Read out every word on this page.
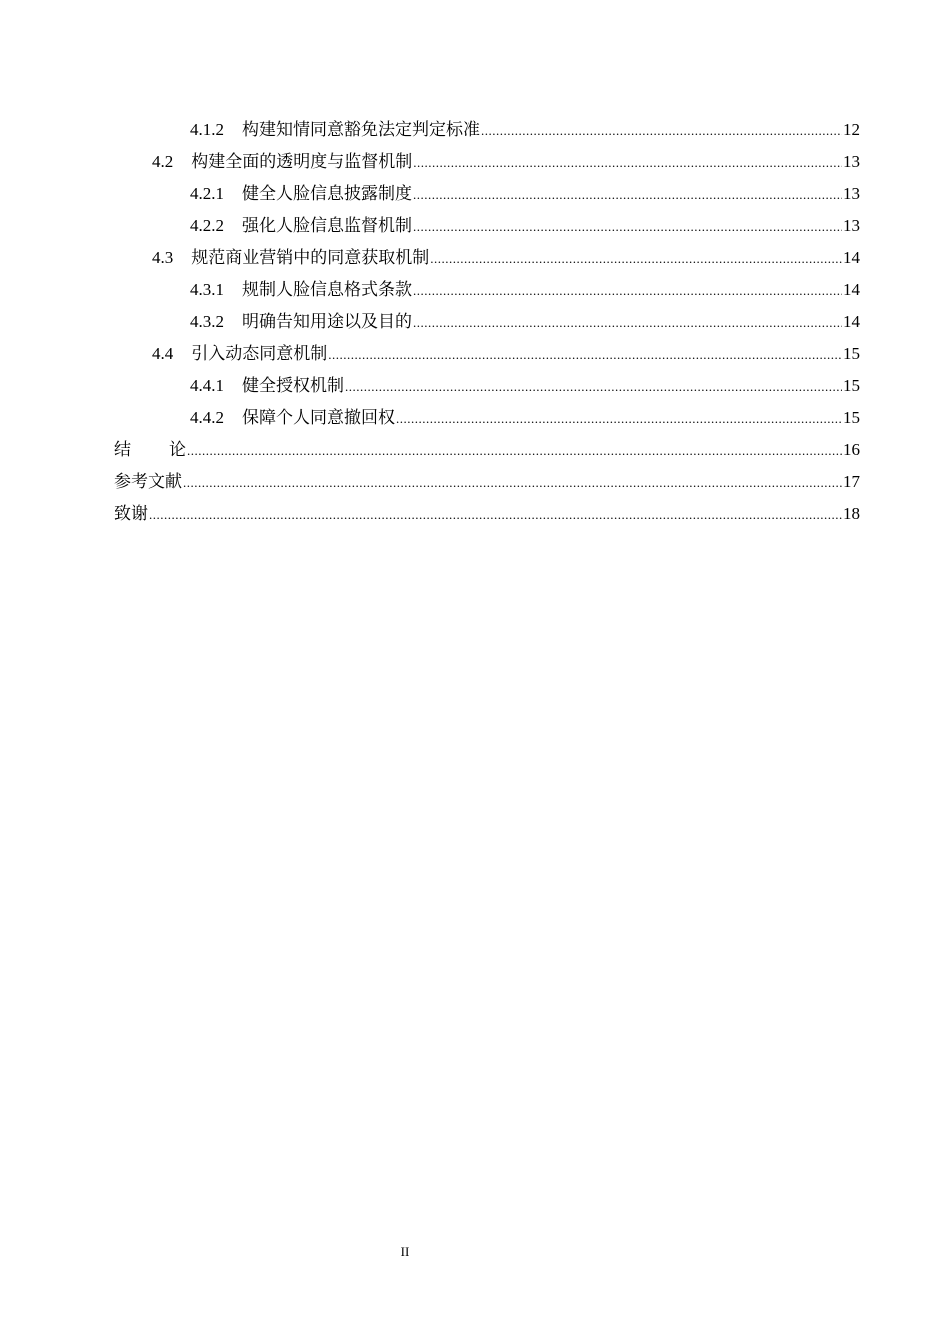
4.1.2 构建知情同意豁免法定判定标准 .....	12
4.2 构建全面的透明度与监督机制 .....	13
4.2.1 健全人脸信息披露制度 .....	13
4.2.2 强化人脸信息监督机制 .....	13
4.3 规范商业营销中的同意获取机制 .....	14
4.3.1 规制人脸信息格式条款 .....	14
4.3.2 明确告知用途以及目的 .....	14
4.4 引入动态同意机制 .....	15
4.4.1 健全授权机制 .....	15
4.4.2 保障个人同意撤回权 .....	15
结论 .....	16
参考文献 .....	17
致谢 .....	18
II
